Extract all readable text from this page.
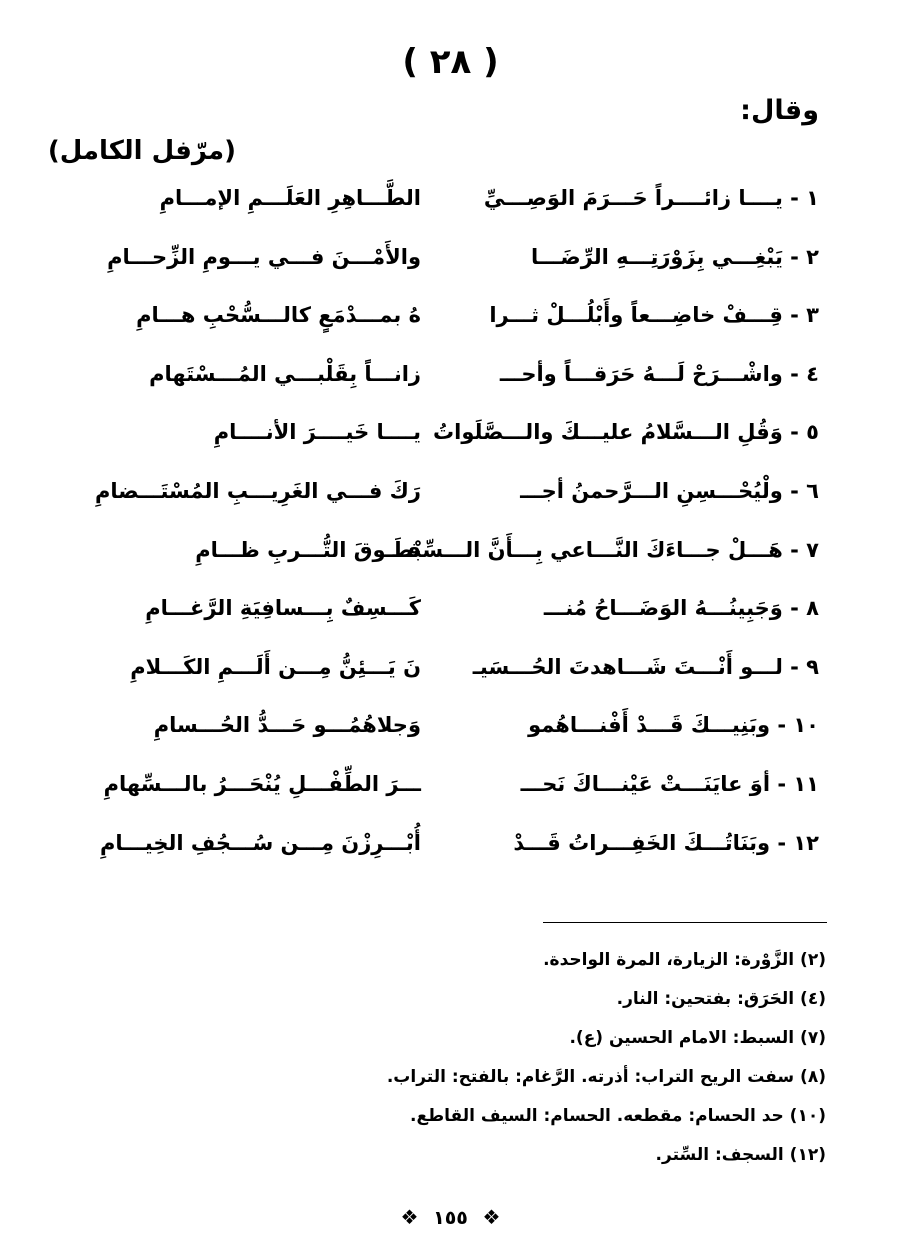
( ٢٨ )
وقال:
(مرّفل الكامل)
١ - يــــا زائــــراً حَـــرَمَ الوَصِـــيِّ
الطَّـــاهِرِ العَلَـــمِ الإمـــامِ
٢ - يَبْغِـــي بِزَوْرَتِـــهِ الرِّضَـــا
والأَمْـــنَ فـــي يـــومِ الزِّحـــامِ
٣ - قِـــفْ خاضِـــعاً وأَبْلُـــلْ ثـــرا
هُ بمـــدْمَعٍ كالـــسُّحْبِ هـــامِ
٤ - واشْـــرَحْ لَـــهُ حَرَقـــاً وأحـــ
زانـــاً بِقَلْبـــي المُـــسْتَهام
٥ - وَقُلِ الـــسَّلامُ عليـــكَ والـــصَّلَواتُ
يــــا خَيــــرَ الأنــــامِ
٦ - ولْيُحْـــسِنِ الـــرَّحمنُ أجـــ
رَكَ فـــي الغَرِيـــبِ المُسْتَـــضامِ
٧ - هَـــلْ جـــاءَكَ النَّـــاعي بِـــأَنَّ الـــسِّبْطَ
فـــوقَ التُّـــربِ ظـــامِ
٨ - وَجَبِينُـــهُ الوَضَـــاحُ مُنـــ
كَـــسِفٌ بِـــسافِيَةِ الرَّغـــامِ
٩ - لـــو أَنْـــتَ شَـــاهدتَ الحُـــسَيـ
نَ يَـــئِنُّ مِـــن أَلَـــمِ الكَـــلامِ
١٠ - وبَنِيـــكَ قَـــدْ أَفْنـــاهُمو
وَجلاهُمُـــو حَـــدُّ الحُـــسامِ
١١ - أوَ عايَنَـــتْ عَيْنـــاكَ نَحـــ
ـــرَ الطِّفْـــلِ يُنْحَـــرُ بالـــسِّهامِ
١٢ - وبَنَاتُـــكَ الخَفِـــراتُ قَـــدْ
أُبْـــرِزْنَ مِـــن سُـــجُفِ الخِيـــامِ
(٢) الزَّوْرة: الزيارة، المرة الواحدة.
(٤) الحَرَق: بفتحين: النار.
(٧) السبط: الامام الحسين (ع).
(٨) سفت الريح التراب: أذرته. الرَّغام: بالفتح: التراب.
(١٠) حد الحسام: مقطعه. الحسام: السيف القاطع.
(١٢) السجف: السِّتر.
❖ ١٥٥ ❖
